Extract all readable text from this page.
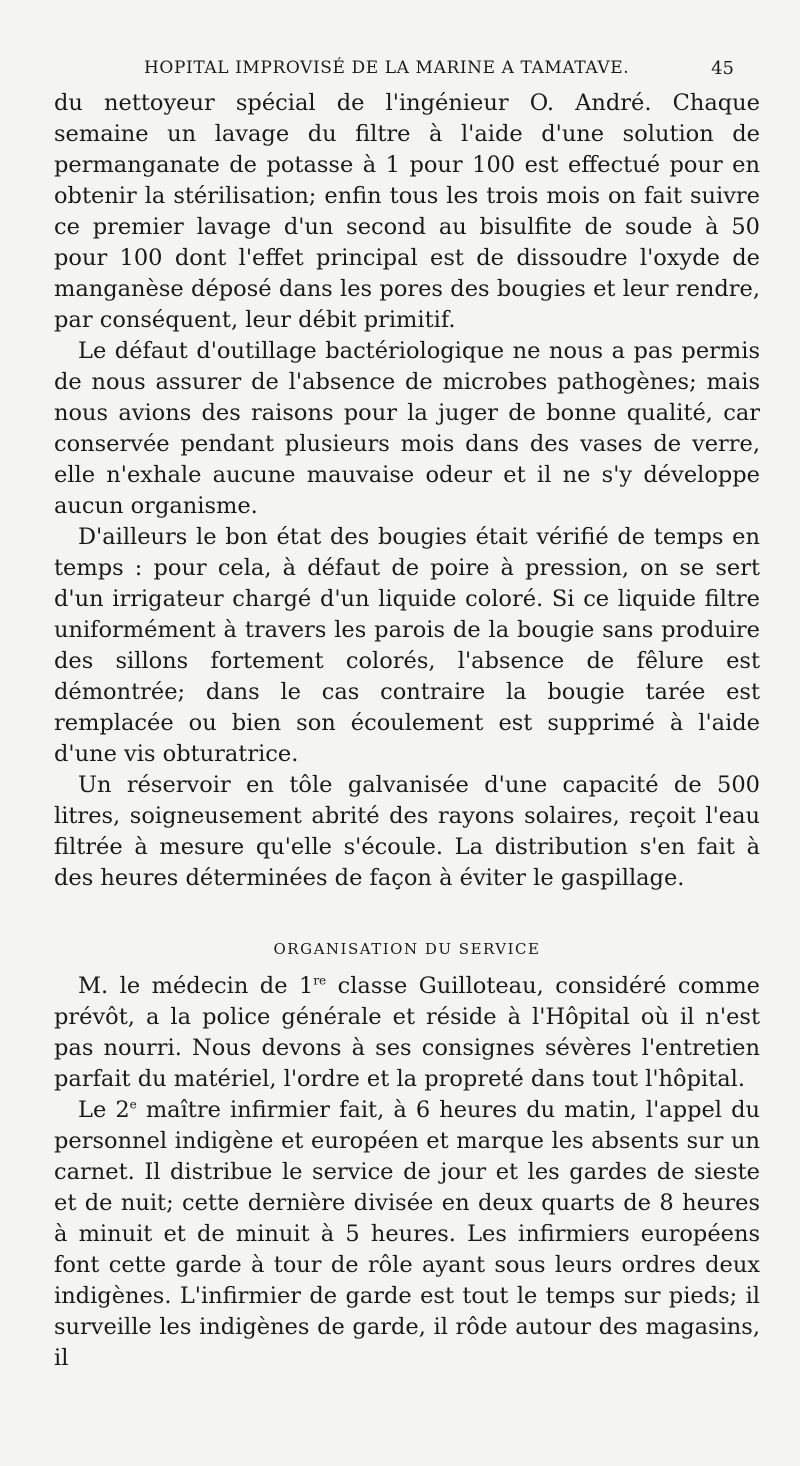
HOPITAL IMPROVISÉ DE LA MARINE A TAMATAVE.	45

du nettoyeur spécial de l'ingénieur O. André. Chaque semaine un lavage du filtre à l'aide d'une solution de permanganate de potasse à 1 pour 100 est effectué pour en obtenir la stérilisation; enfin tous les trois mois on fait suivre ce premier lavage d'un second au bisulfite de soude à 50 pour 100 dont l'effet principal est de dissoudre l'oxyde de manganèse déposé dans les pores des bougies et leur rendre, par conséquent, leur débit primitif.

Le défaut d'outillage bactériologique ne nous a pas permis de nous assurer de l'absence de microbes pathogènes; mais nous avions des raisons pour la juger de bonne qualité, car conservée pendant plusieurs mois dans des vases de verre, elle n'exhale aucune mauvaise odeur et il ne s'y développe aucun organisme.

D'ailleurs le bon état des bougies était vérifié de temps en temps : pour cela, à défaut de poire à pression, on se sert d'un irrigateur chargé d'un liquide coloré. Si ce liquide filtre uniformément à travers les parois de la bougie sans produire des sillons fortement colorés, l'absence de fêlure est démontrée; dans le cas contraire la bougie tarée est remplacée ou bien son écoulement est supprimé à l'aide d'une vis obturatrice.

Un réservoir en tôle galvanisée d'une capacité de 500 litres, soigneusement abrité des rayons solaires, reçoit l'eau filtrée à mesure qu'elle s'écoule. La distribution s'en fait à des heures déterminées de façon à éviter le gaspillage.

ORGANISATION DU SERVICE

M. le médecin de 1re classe Guilloteau, considéré comme prévôt, a la police générale et réside à l'Hôpital où il n'est pas nourri. Nous devons à ses consignes sévères l'entretien parfait du matériel, l'ordre et la propreté dans tout l'hôpital.

Le 2e maître infirmier fait, à 6 heures du matin, l'appel du personnel indigène et européen et marque les absents sur un carnet. Il distribue le service de jour et les gardes de sieste et de nuit; cette dernière divisée en deux quarts de 8 heures à minuit et de minuit à 5 heures. Les infirmiers européens font cette garde à tour de rôle ayant sous leurs ordres deux indigènes. L'infirmier de garde est tout le temps sur pieds; il surveille les indigènes de garde, il rôde autour des magasins, il
